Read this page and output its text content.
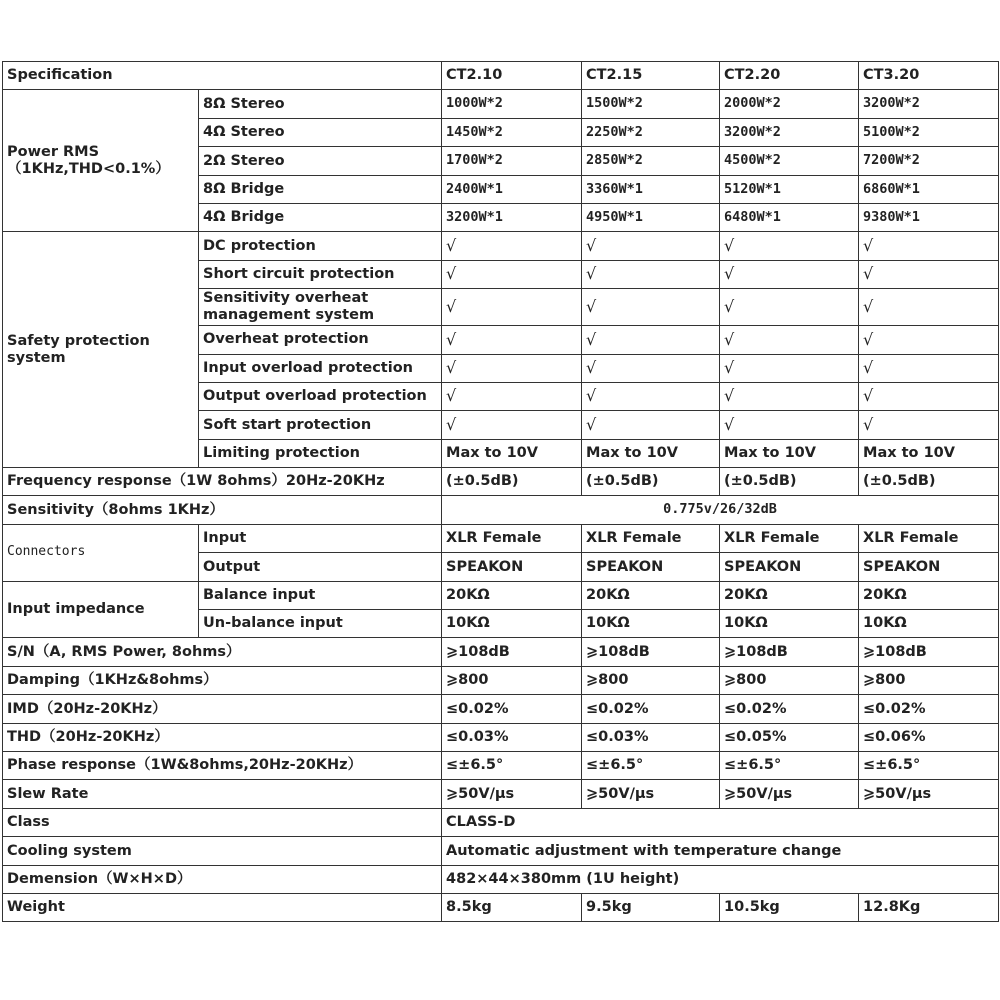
Specification		CT2.10	CT2.15	CT2.20	CT3.20

Power RMS
（1KHz,THD<0.1%）	8Ω Stereo	1000W*2	1500W*2	2000W*2	3200W*2
	4Ω Stereo	1450W*2	2250W*2	3200W*2	5100W*2
	2Ω Stereo	1700W*2	2850W*2	4500W*2	7200W*2
	8Ω Bridge	2400W*1	3360W*1	5120W*1	6860W*1
	4Ω Bridge	3200W*1	4950W*1	6480W*1	9380W*1
Safety protection system	DC protection	√	√	√	√
	Short circuit protection	√	√	√	√
	Sensitivity overheat management system	√	√	√	√
	Overheat protection	√	√	√	√
	Input overload protection	√	√	√	√
	Output overload protection	√	√	√	√
	Soft start protection	√	√	√	√
	Limiting protection	Max to 10V	Max to 10V	Max to 10V	Max to 10V
Frequency response（1W 8ohms）20Hz-20KHz		(±0.5dB)	(±0.5dB)	(±0.5dB)	(±0.5dB)
Sensitivity（8ohms 1KHz）		0.775v/26/32dB			
Connectors	Input	XLR Female	XLR Female	XLR Female	XLR Female
	Output	SPEAKON	SPEAKON	SPEAKON	SPEAKON
Input impedance	Balance input	20KΩ	20KΩ	20KΩ	20KΩ
	Un-balance input	10KΩ	10KΩ	10KΩ	10KΩ
S/N（A, RMS Power, 8ohms）		⩾108dB	⩾108dB	⩾108dB	⩾108dB
Damping（1KHz&8ohms）		⩾800	⩾800	⩾800	⩾800
IMD（20Hz-20KHz）		≤0.02%	≤0.02%	≤0.02%	≤0.02%
THD（20Hz-20KHz）		≤0.03%	≤0.03%	≤0.05%	≤0.06%
Phase response（1W&8ohms,20Hz-20KHz）		≤±6.5°	≤±6.5°	≤±6.5°	≤±6.5°
Slew Rate		⩾50V/μs	⩾50V/μs	⩾50V/μs	⩾50V/μs
Class		CLASS-D			
Cooling system		Automatic adjustment with temperature change			
Demension（W×H×D）		482×44×380mm (1U height)			
Weight		8.5kg	9.5kg	10.5kg	12.8Kg
